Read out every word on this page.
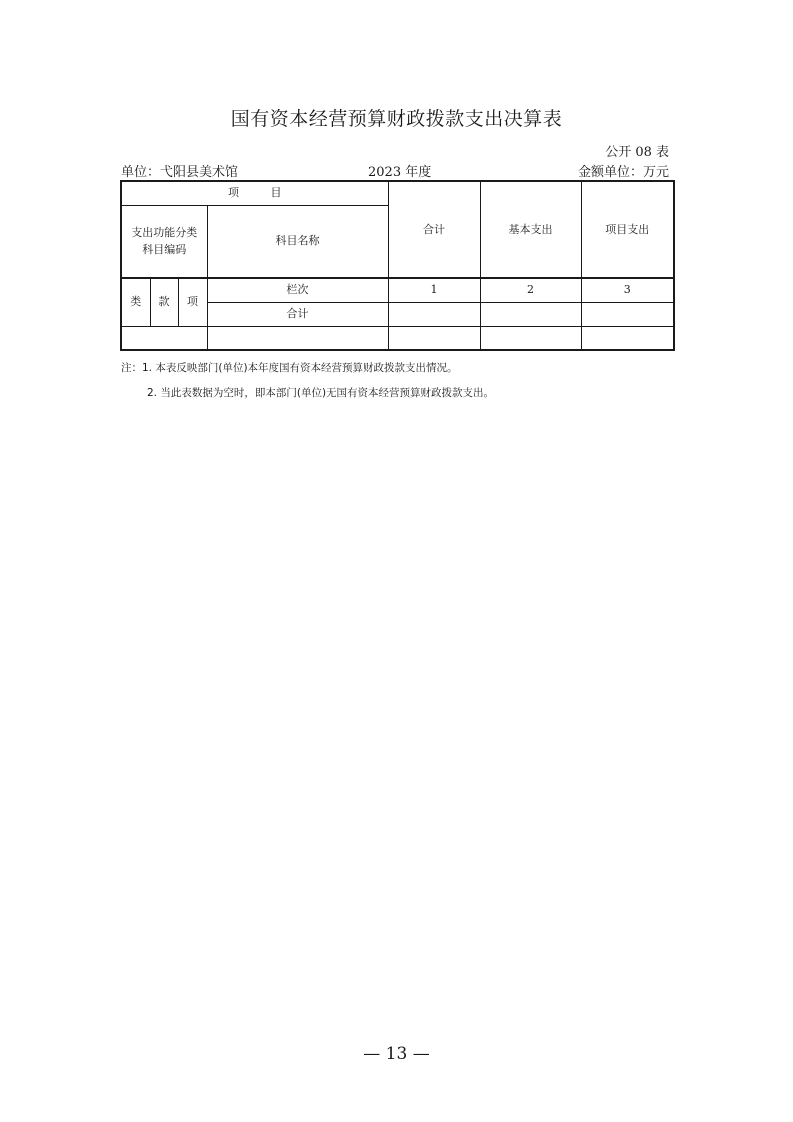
国有资本经营预算财政拨款支出决算表
公开 08 表
单位：弋阳县美术馆	2023 年度	金额单位：万元
项 目				合计	基本支出	项目支出

支出功能分类
科目编码			科目名称			
类	款	项	栏次	1	2	3
			合计			

注：1. 本表反映部门(单位)本年度国有资本经营预算财政拨款支出情况。
2. 当此表数据为空时，即本部门(单位)无国有资本经营预算财政拨款支出。
— 13 —
